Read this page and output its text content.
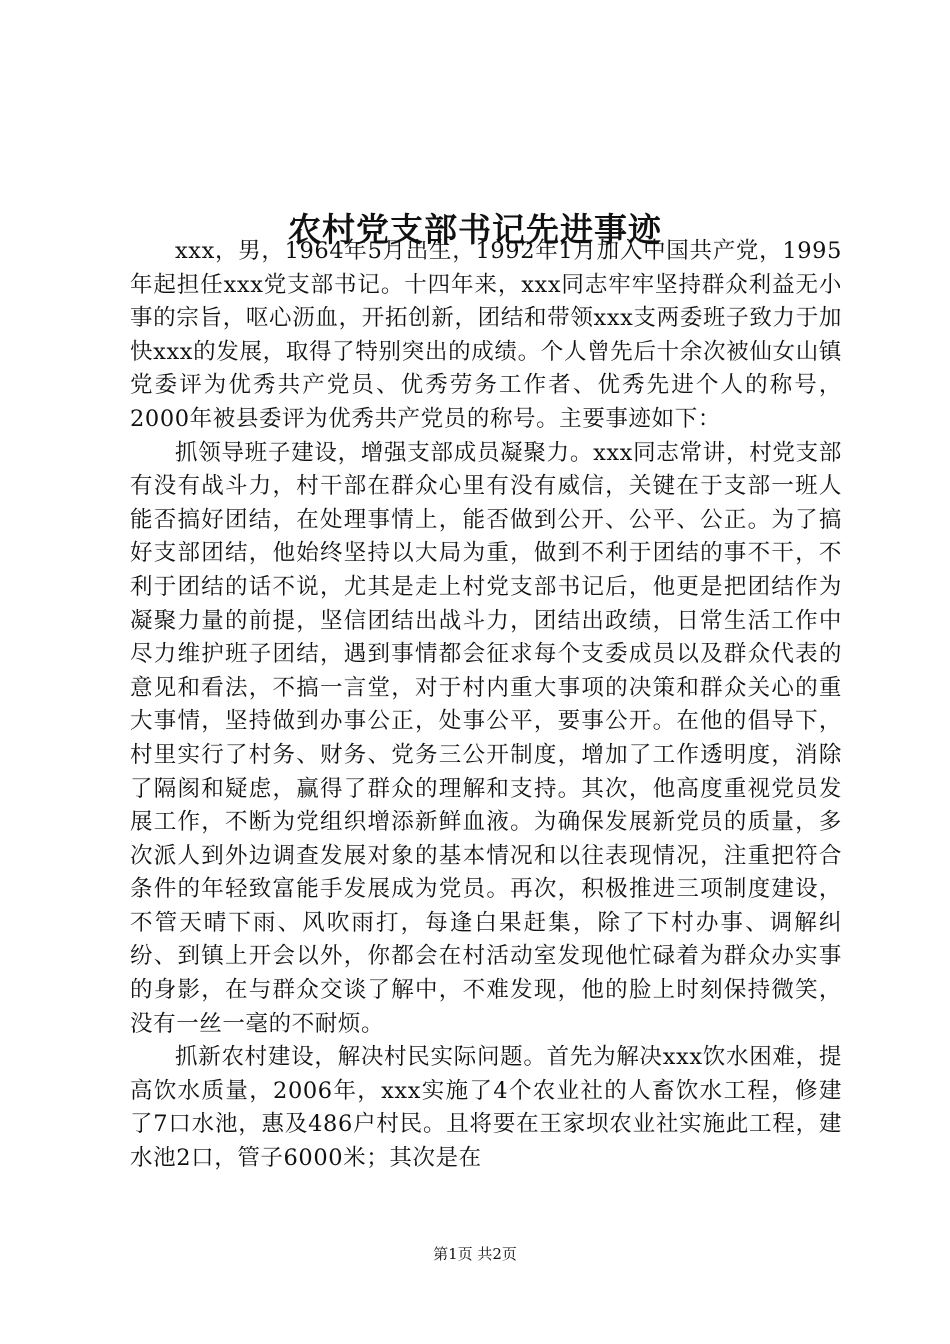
农村党支部书记先进事迹

xxx，男，1964年5月出生，1992年1月加入中国共产党，1995年起担任xxx党支部书记。十四年来，xxx同志牢牢坚持群众利益无小事的宗旨，呕心沥血，开拓创新，团结和带领xxx支两委班子致力于加快xxx的发展，取得了特别突出的成绩。个人曾先后十余次被仙女山镇党委评为优秀共产党员、优秀劳务工作者、优秀先进个人的称号，2000年被县委评为优秀共产党员的称号。主要事迹如下：

抓领导班子建设，增强支部成员凝聚力。xxx同志常讲，村党支部有没有战斗力，村干部在群众心里有没有威信，关键在于支部一班人能否搞好团结，在处理事情上，能否做到公开、公平、公正。为了搞好支部团结，他始终坚持以大局为重，做到不利于团结的事不干，不利于团结的话不说，尤其是走上村党支部书记后，他更是把团结作为凝聚力量的前提，坚信团结出战斗力，团结出政绩，日常生活工作中尽力维护班子团结，遇到事情都会征求每个支委成员以及群众代表的意见和看法，不搞一言堂，对于村内重大事项的决策和群众关心的重大事情，坚持做到办事公正，处事公平，要事公开。在他的倡导下，村里实行了村务、财务、党务三公开制度，增加了工作透明度，消除了隔阂和疑虑，赢得了群众的理解和支持。其次，他高度重视党员发展工作，不断为党组织增添新鲜血液。为确保发展新党员的质量，多次派人到外边调查发展对象的基本情况和以往表现情况，注重把符合条件的年轻致富能手发展成为党员。再次，积极推进三项制度建设，不管天晴下雨、风吹雨打，每逢白果赶集，除了下村办事、调解纠纷、到镇上开会以外，你都会在村活动室发现他忙碌着为群众办实事的身影，在与群众交谈了解中，不难发现，他的脸上时刻保持微笑，没有一丝一毫的不耐烦。

抓新农村建设，解决村民实际问题。首先为解决xxx饮水困难，提高饮水质量，2006年，xxx实施了4个农业社的人畜饮水工程，修建了7口水池，惠及486户村民。且将要在王家坝农业社实施此工程，建水池2口，管子6000米；其次是在

第1页 共2页
